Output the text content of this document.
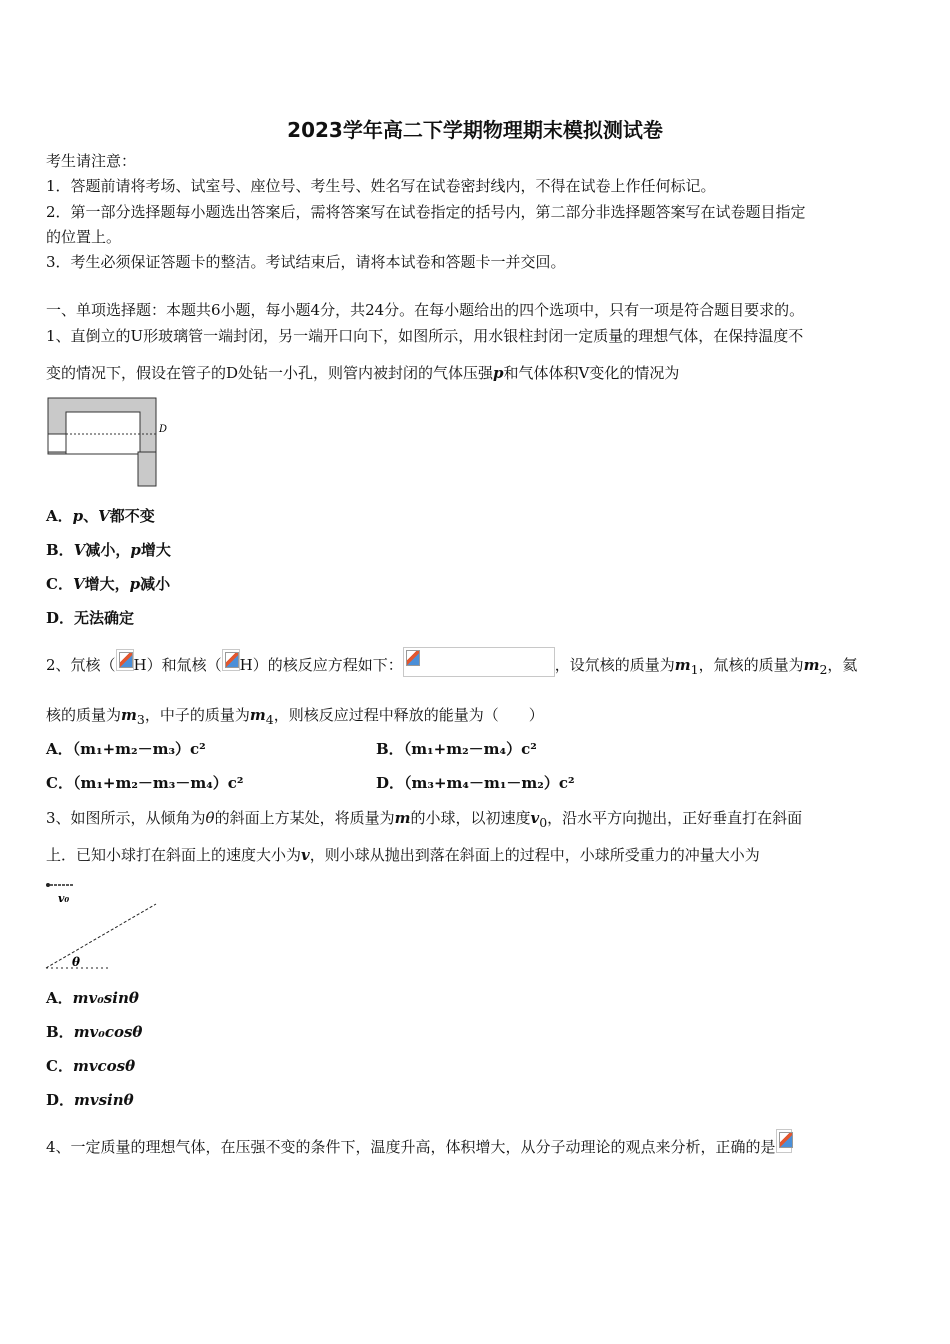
2023学年高二下学期物理期末模拟测试卷
考生请注意：
1．答题前请将考场、试室号、座位号、考生号、姓名写在试卷密封线内，不得在试卷上作任何标记。
2．第一部分选择题每小题选出答案后，需将答案写在试卷指定的括号内，第二部分非选择题答案写在试卷题目指定
的位置上。
3．考生必须保证答题卡的整洁。考试结束后，请将本试卷和答题卡一并交回。
一、单项选择题：本题共6小题，每小题4分，共24分。在每小题给出的四个选项中，只有一项是符合题目要求的。
1、直倒立的U形玻璃管一端封闭，另一端开口向下，如图所示，用水银柱封闭一定质量的理想气体，在保持温度不
变的情况下，假设在管子的D处钻一小孔，则管内被封闭的气体压强p和气体体积V变化的情况为
D
A．p、V都不变
B．V减小，p增大
C．V增大，p减小
D．无法确定
2、氘核（ H）和氚核（ H）的核反应方程如下：	，设氘核的质量为$m_1$，氚核的质量为$m_2$，氦
核的质量为$m_3$，中子的质量为$m_4$，则核反应过程中释放的能量为（　　）
A．（m₁+m₂－m₃）c²	B．（m₁+m₂－m₄）c²
C．（m₁+m₂－m₃－m₄）c²	D．（m₃+m₄－m₁－m₂）c²
3、如图所示，从倾角为θ的斜面上方某处，将质量为m的小球，以初速度$v_0$，沿水平方向抛出，正好垂直打在斜面
上．已知小球打在斜面上的速度大小为v，则小球从抛出到落在斜面上的过程中，小球所受重力的冲量大小为
v₀
θ
A．mv₀sinθ
B．mv₀cosθ
C．mvcosθ
D．mvsinθ
4、一定质量的理想气体，在压强不变的条件下，温度升高，体积增大，从分子动理论的观点来分析，正确的是
